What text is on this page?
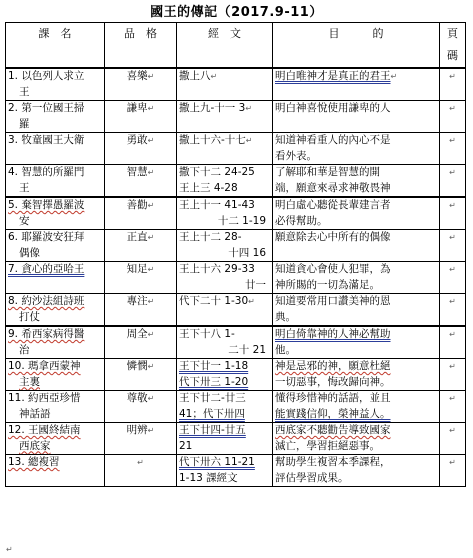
國王的傳記（2017.9-11）
課　名	品　格	經　文	目　　　的	頁碼

1. 以色列人求立
王	喜樂↵	撒上八↵	明白唯神才是真正的君王↵	↵

2. 第一位國王掃
羅	謙卑↵	撒上九-十一 3↵	明白神喜悅使用謙卑的人	↵

3. 牧童國王大衛	勇敢↵	撒上十六-十七↵	知道神看重人的內心不是
看外表。	↵

4. 智慧的所羅門
王	智慧↵	撒下十二 24-25
王上三 4-28	了解耶和華是智慧的開
端，願意來尋求神敬畏神	↵

5. 棄智擇愚羅波
安	善勸↵	王上十一 41-43
十二 1-19	明白虛心聽從長輩建言者
必得幫助。	↵

6. 耶羅波安狂拜
偶像	正直↵	王上十二 28-
十四 16	願意除去心中所有的偶像	↵

7. 貪心的亞哈王	知足↵	王上十六 29-33
廿一	知道貪心會使人犯罪，為
神所賜的一切為滿足。	↵

8. 約沙法組詩班
打仗	專注↵	代下二十 1-30↵	知道要常用口讚美神的恩
典。	↵

9. 希西家病得醫
治	周全↵	王下十八 1-
二十 21	明白倚靠神的人神必幫助
他。	↵

10. 瑪拿西蒙神
主裏	憐憫↵	王下廿一 1-18
代下卅三 1-20	神是忌邪的神，願意杜絕
一切惡事，悔改歸向神。	↵

11. 約西亞珍惜
神話語	尊敬↵	王下廿二-廿三
41；代下卅四	懂得珍惜神的話語，並且
能實踐信仰，榮神益人。	↵

12. 王國終結南
西底家	明辨↵	王下廿四-廿五
21	西底家不聽勸告導致國家
滅亡，學習拒絕惡事。	↵

13. 總複習	↵	代下卅六 11-21
1-13 課經文	幫助學生複習本季課程，
評估學習成果。	↵
↵
